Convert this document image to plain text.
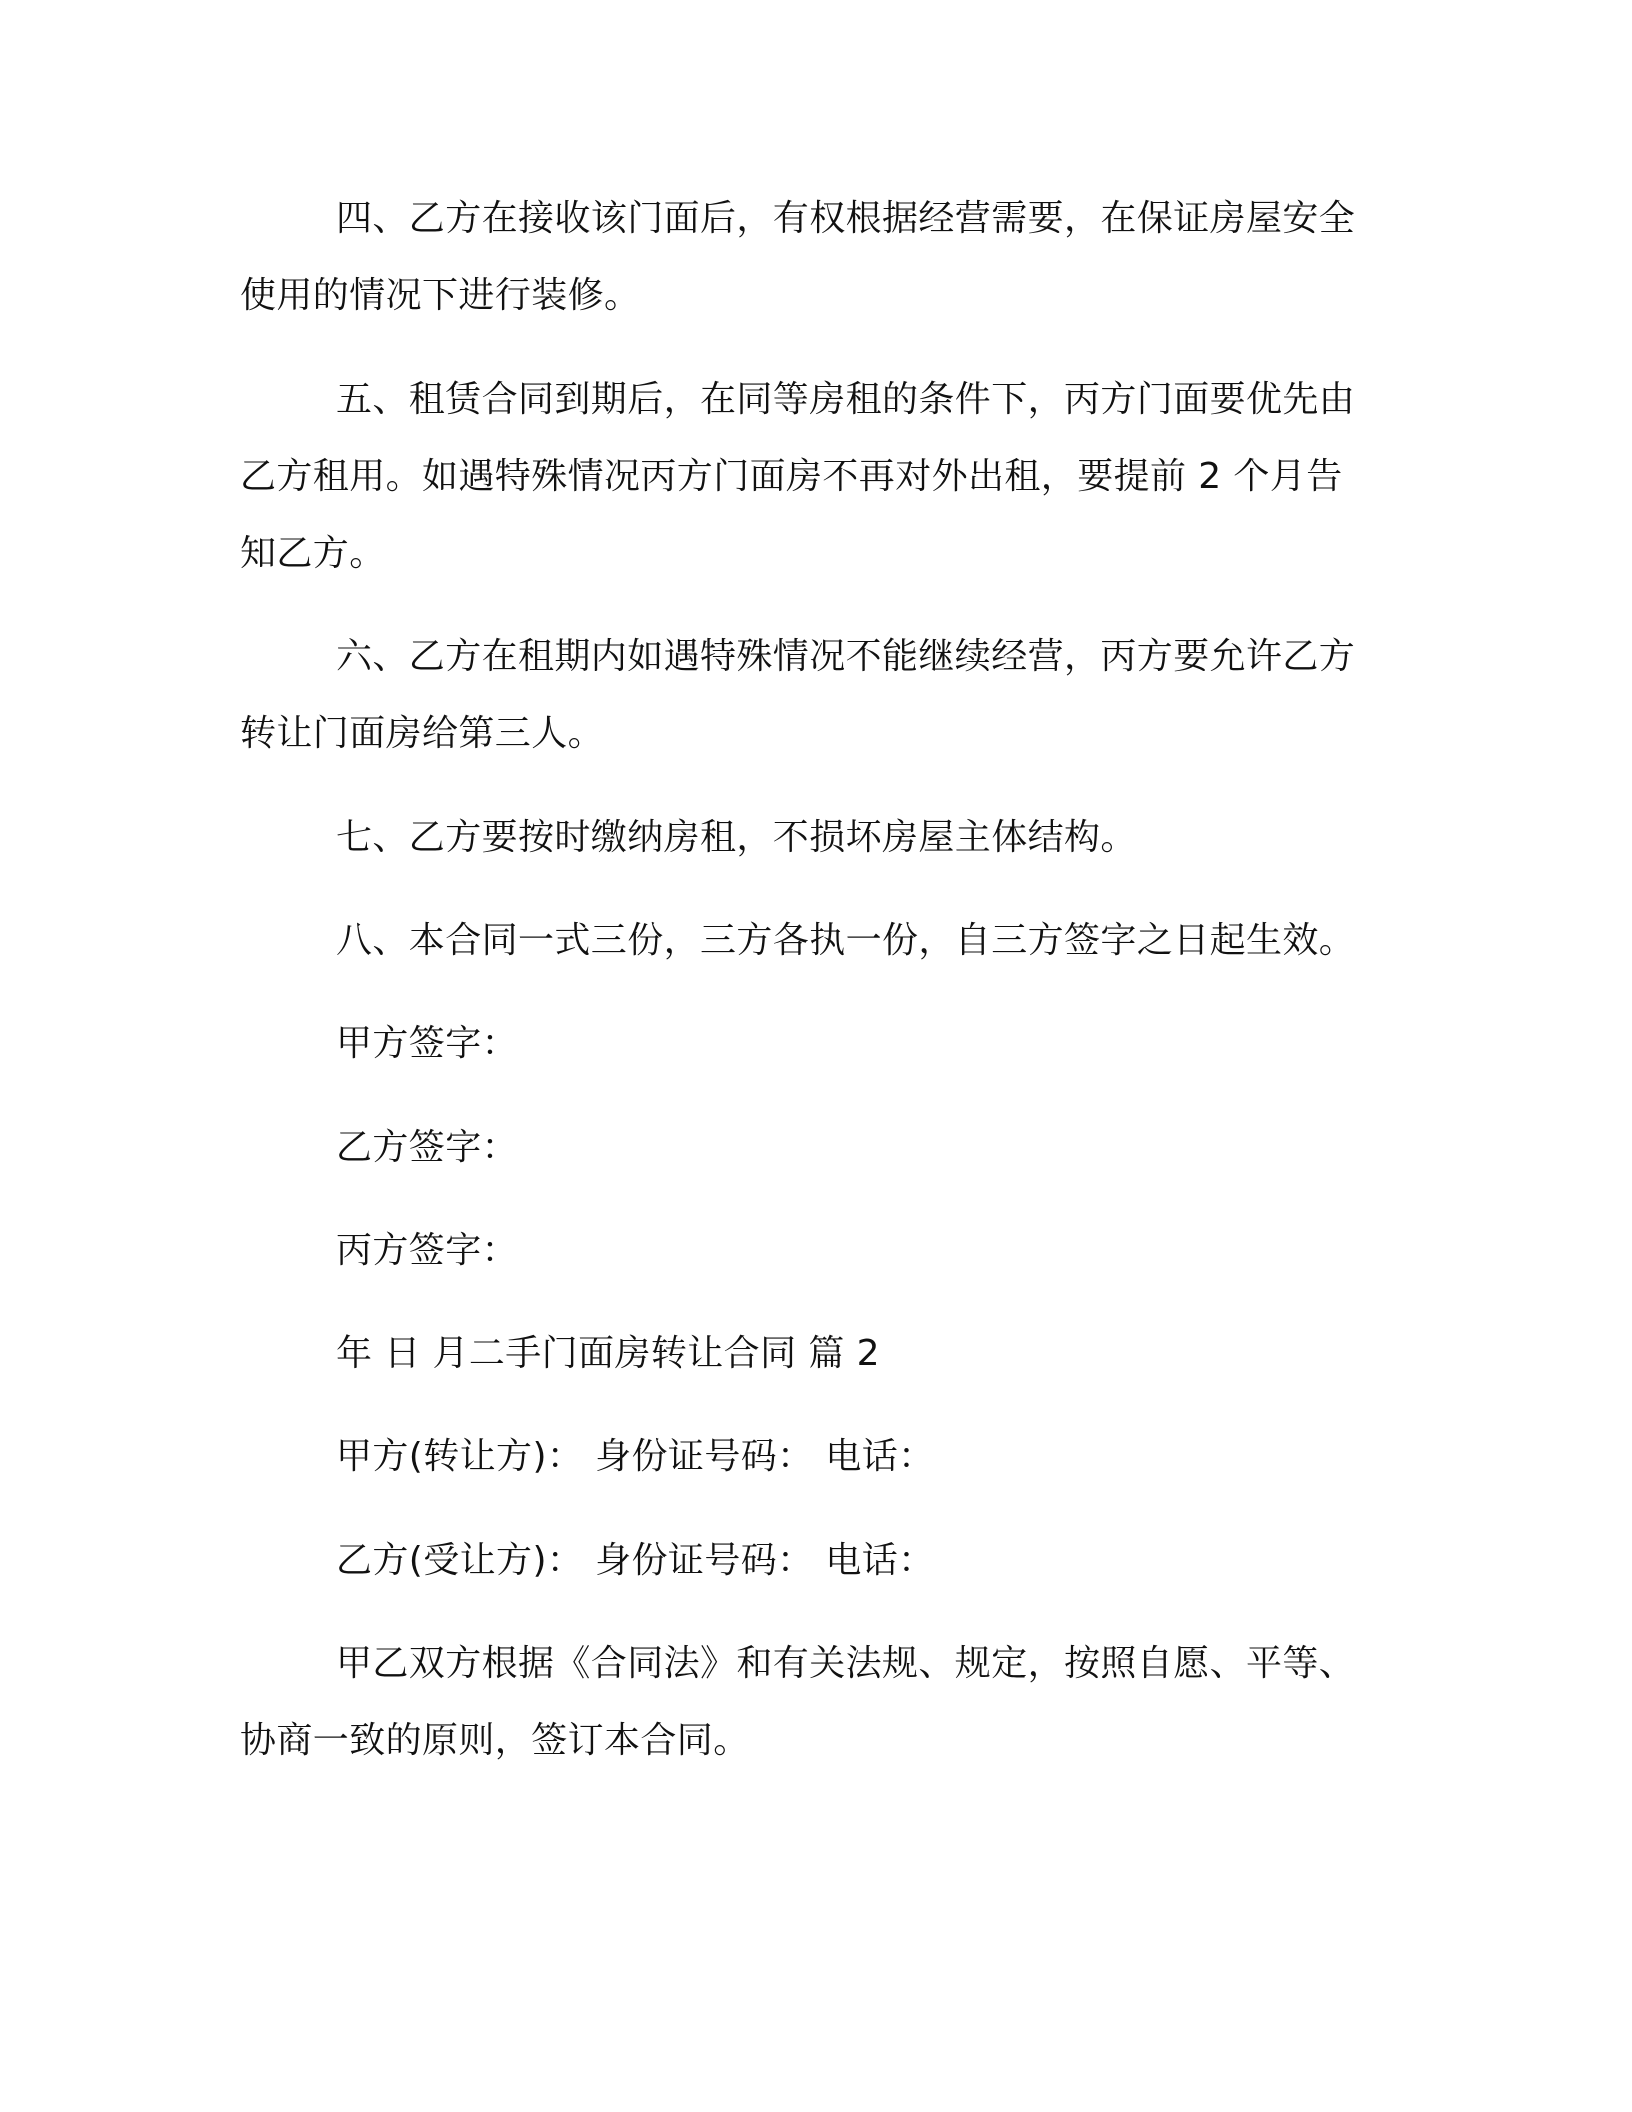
四、乙方在接收该门面后，有权根据经营需要，在保证房屋安全
使用的情况下进行装修。
五、租赁合同到期后，在同等房租的条件下，丙方门面要优先由
乙方租用。如遇特殊情况丙方门面房不再对外出租，要提前 2 个月告
知乙方。
六、乙方在租期内如遇特殊情况不能继续经营，丙方要允许乙方
转让门面房给第三人。
七、乙方要按时缴纳房租，不损坏房屋主体结构。
八、本合同一式三份，三方各执一份，自三方签字之日起生效。
甲方签字：
乙方签字：
丙方签字：
年 日 月二手门面房转让合同 篇 2
甲方(转让方)： 身份证号码： 电话：
乙方(受让方)： 身份证号码： 电话：
甲乙双方根据《合同法》和有关法规、规定，按照自愿、平等、
协商一致的原则，签订本合同。
